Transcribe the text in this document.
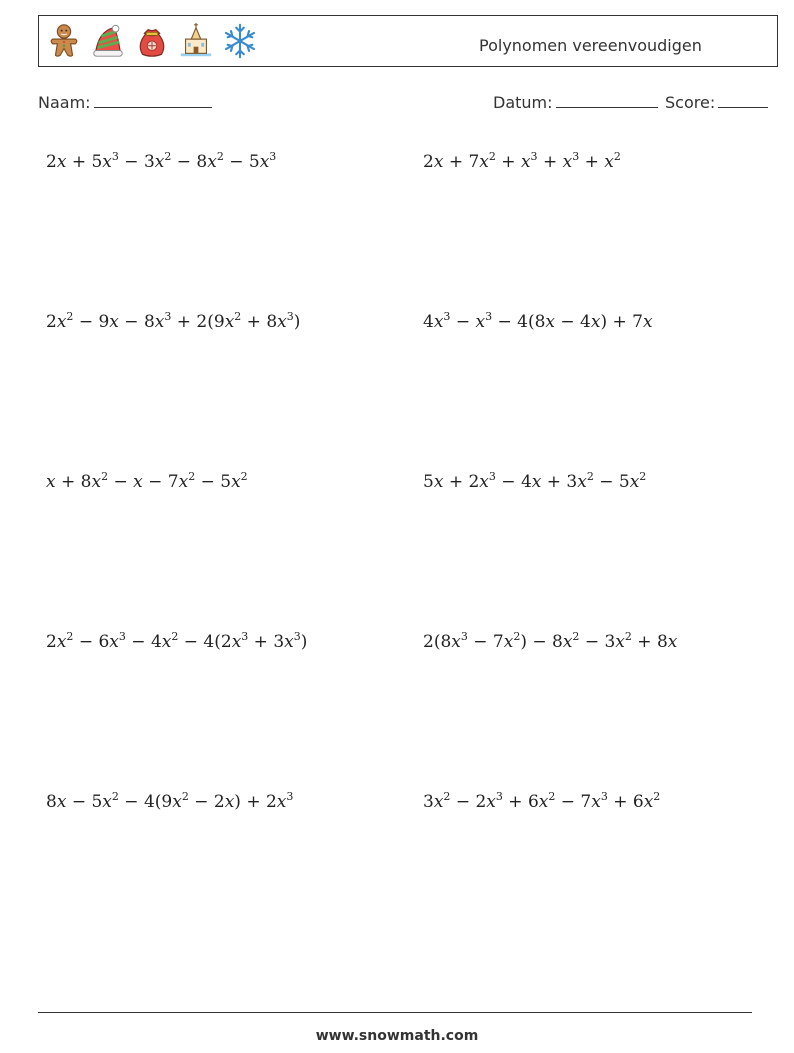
Polynomen vereenvoudigen
Naam:	Datum:	Score:
$2x + 5x^3 - 3x^2 - 8x^2 - 5x^3$	$2x + 7x^2 + x^3 + x^3 + x^2$
$2x^2 - 9x - 8x^3 + 2(9x^2 + 8x^3)$	$4x^3 - x^3 - 4(8x - 4x) + 7x$
$x + 8x^2 - x - 7x^2 - 5x^2$	$5x + 2x^3 - 4x + 3x^2 - 5x^2$
$2x^2 - 6x^3 - 4x^2 - 4(2x^3 + 3x^3)$	$2(8x^3 - 7x^2) - 8x^2 - 3x^2 + 8x$
$8x - 5x^2 - 4(9x^2 - 2x) + 2x^3$	$3x^2 - 2x^3 + 6x^2 - 7x^3 + 6x^2$
www.snowmath.com
